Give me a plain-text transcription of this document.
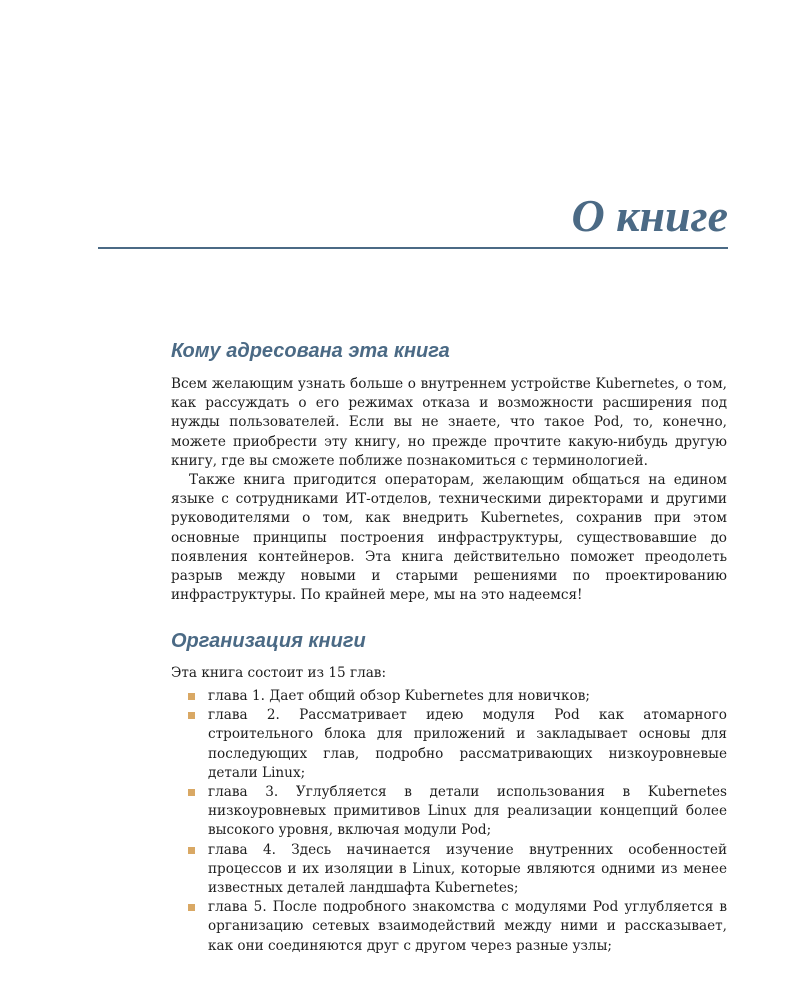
О книге
Кому адресована эта книга

Всем желающим узнать больше о внутреннем устройстве Kubernetes, о том, как рассуждать о его режимах отказа и возможности расширения под нужды пользователей. Если вы не знаете, что такое Pod, то, конечно, можете приобрести эту книгу, но прежде прочтите какую-нибудь другую книгу, где вы сможете поближе познакомиться с терминологией.

Также книга пригодится операторам, желающим общаться на едином языке с сотрудниками ИТ-отделов, техническими директорами и другими руководителями о том, как внедрить Kubernetes, сохранив при этом основные принципы построения инфраструктуры, существовавшие до появления контейнеров. Эта книга действительно поможет преодолеть разрыв между новыми и старыми решениями по проектированию инфраструктуры. По крайней мере, мы на это надеемся!

Организация книги

Эта книга состоит из 15 глав:

глава 1. Дает общий обзор Kubernetes для новичков;
глава 2. Рассматривает идею модуля Pod как атомарного строительного блока для приложений и закладывает основы для последующих глав, подробно рассматривающих низкоуровневые детали Linux;
глава 3. Углубляется в детали использования в Kubernetes низкоуровневых примитивов Linux для реализации концепций более высокого уровня, включая модули Pod;
глава 4. Здесь начинается изучение внутренних особенностей процессов и их изоляции в Linux, которые являются одними из менее известных деталей ландшафта Kubernetes;
глава 5. После подробного знакомства с модулями Pod углубляется в организацию сетевых взаимодействий между ними и рассказывает, как они соединяются друг с другом через разные узлы;
